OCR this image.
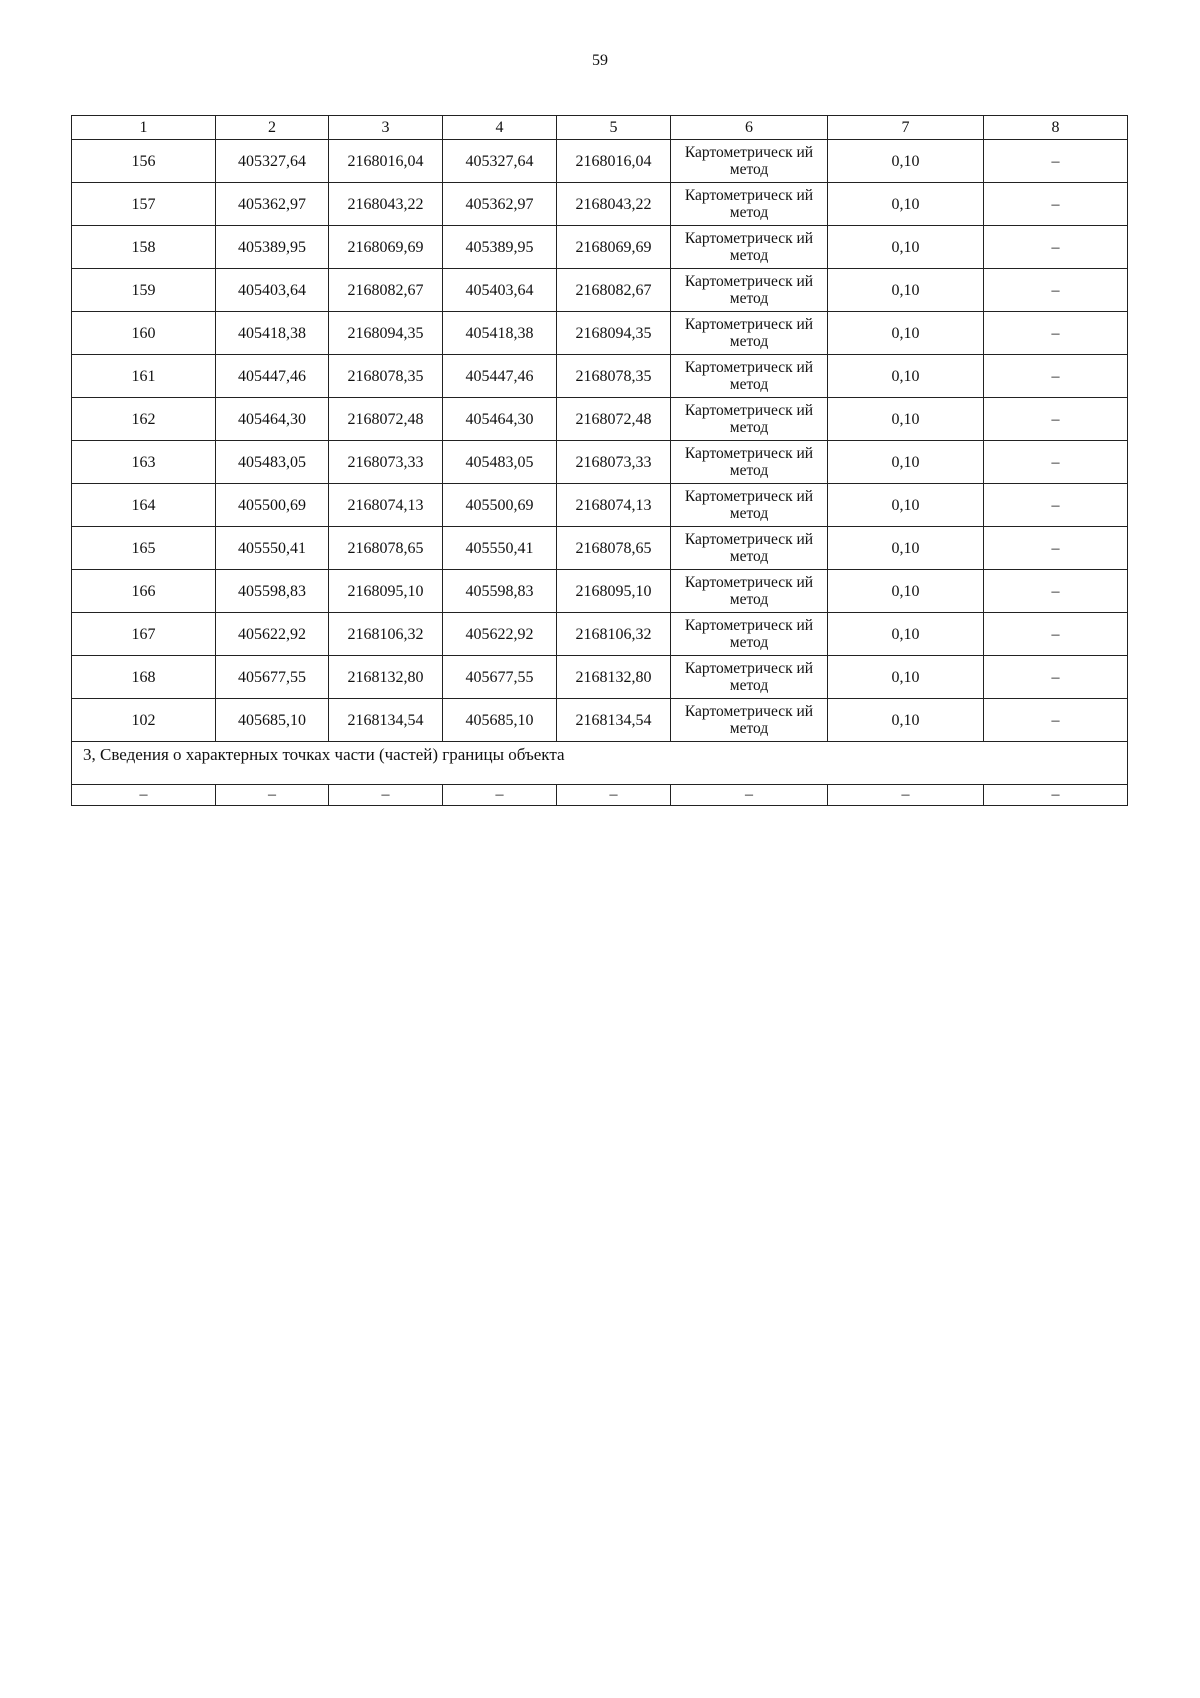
59
1	2	3	4	5	6	7	8
156	405327,64	2168016,04	405327,64	2168016,04	Картометрическ ий метод	0,10	–
157	405362,97	2168043,22	405362,97	2168043,22	Картометрическ ий метод	0,10	–
158	405389,95	2168069,69	405389,95	2168069,69	Картометрическ ий метод	0,10	–
159	405403,64	2168082,67	405403,64	2168082,67	Картометрическ ий метод	0,10	–
160	405418,38	2168094,35	405418,38	2168094,35	Картометрическ ий метод	0,10	–
161	405447,46	2168078,35	405447,46	2168078,35	Картометрическ ий метод	0,10	–
162	405464,30	2168072,48	405464,30	2168072,48	Картометрическ ий метод	0,10	–
163	405483,05	2168073,33	405483,05	2168073,33	Картометрическ ий метод	0,10	–
164	405500,69	2168074,13	405500,69	2168074,13	Картометрическ ий метод	0,10	–
165	405550,41	2168078,65	405550,41	2168078,65	Картометрическ ий метод	0,10	–
166	405598,83	2168095,10	405598,83	2168095,10	Картометрическ ий метод	0,10	–
167	405622,92	2168106,32	405622,92	2168106,32	Картометрическ ий метод	0,10	–
168	405677,55	2168132,80	405677,55	2168132,80	Картометрическ ий метод	0,10	–
102	405685,10	2168134,54	405685,10	2168134,54	Картометрическ ий метод	0,10	–
3, Сведения о характерных точках части (частей) границы объекта							
–	–	–	–	–	–	–	–
